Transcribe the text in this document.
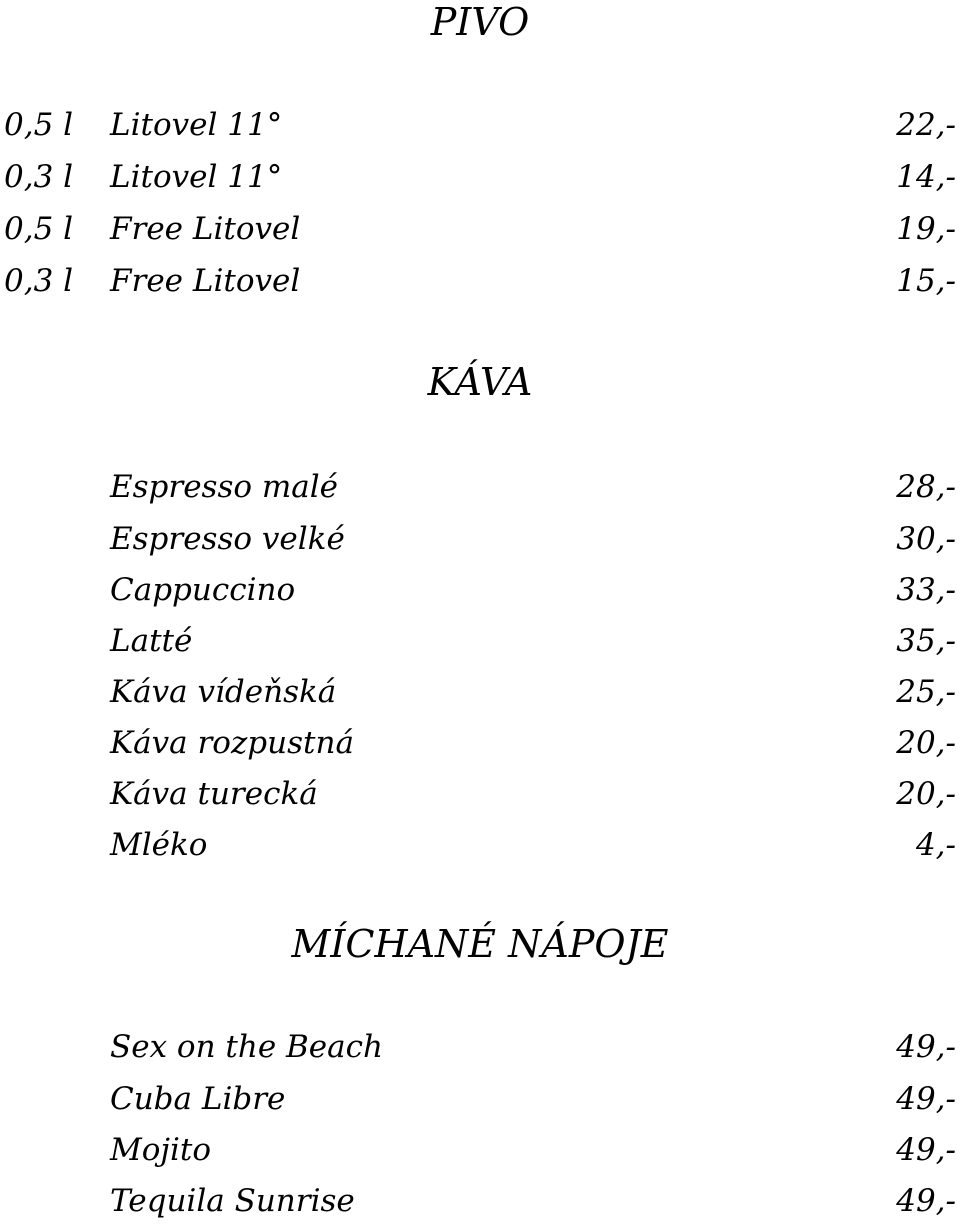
PIVO
0,5 l Litovel 11°	22,-
0,3 l Litovel 11°	14,-
0,5 l Free Litovel	19,-
0,3 l Free Litovel	15,-
KÁVA
Espresso malé	28,-
Espresso velké	30,-
Cappuccino	33,-
Latté	35,-
Káva vídeňská	25,-
Káva rozpustná	20,-
Káva turecká	20,-
Mléko	4,-
MÍCHANÉ NÁPOJE
Sex on the Beach	49,-
Cuba Libre	49,-
Mojito	49,-
Tequila Sunrise	49,-
